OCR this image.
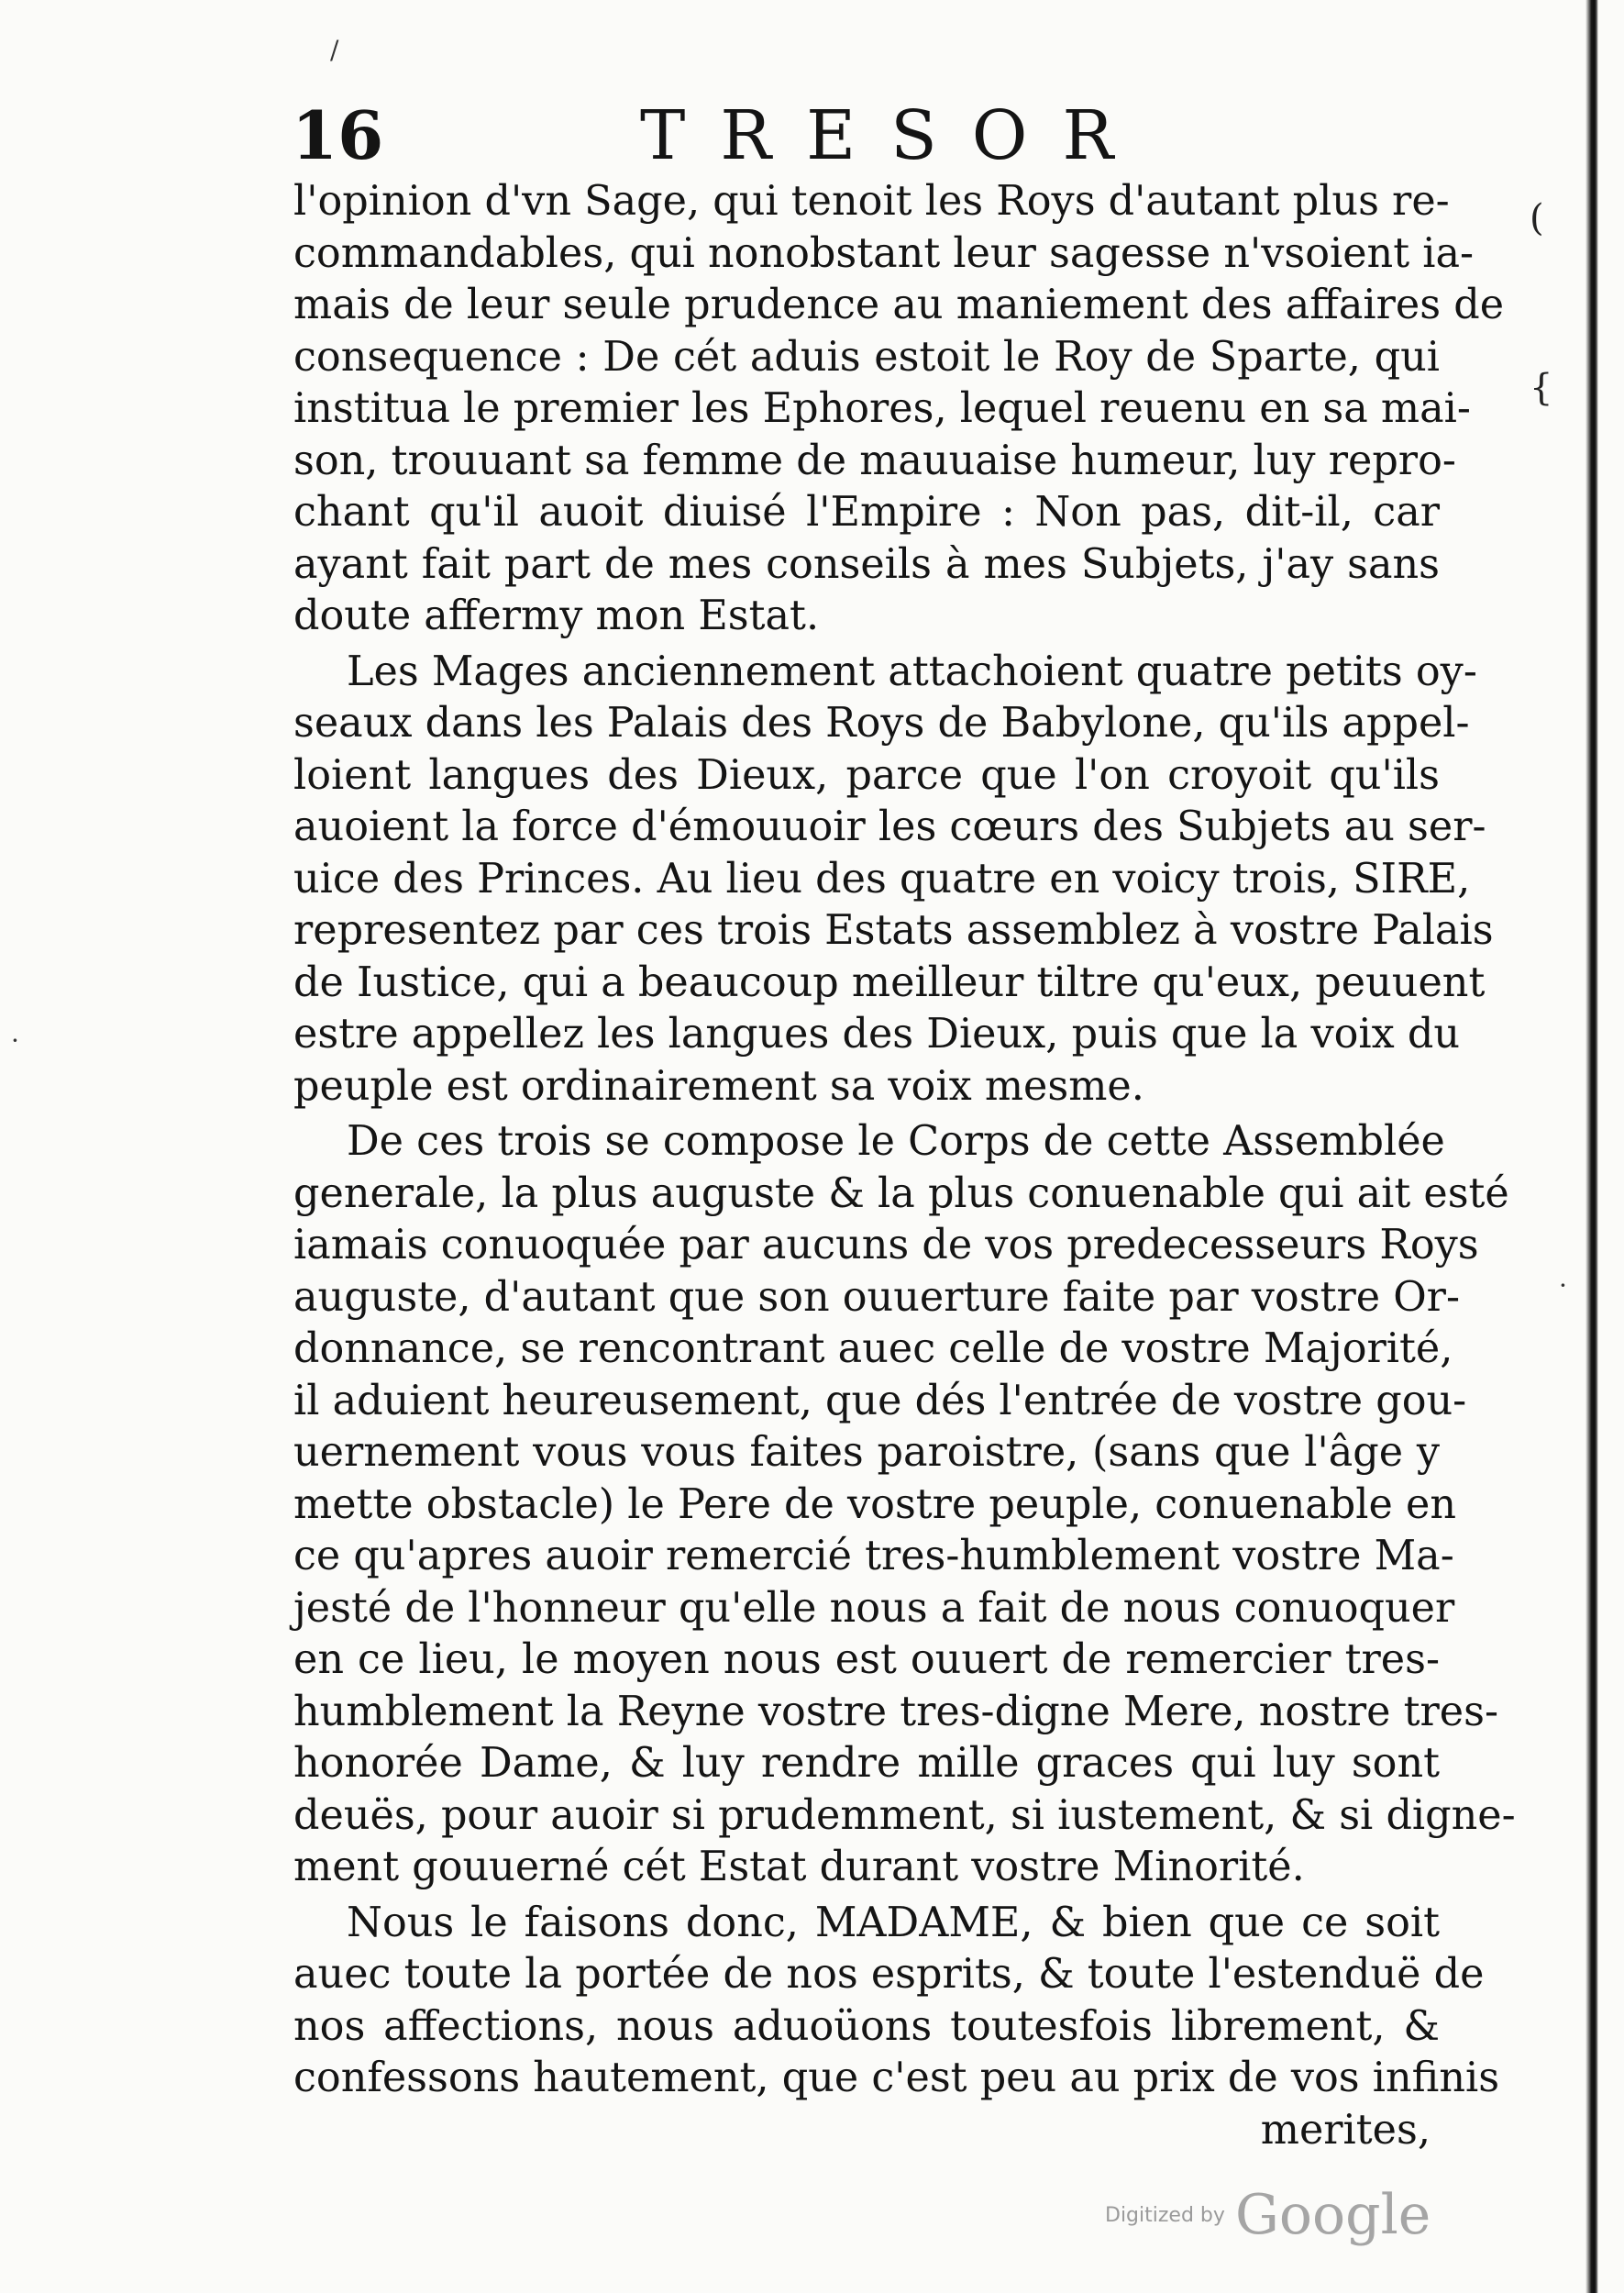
(
{
/
·
·
16	TRESOR
l'opinion d'vn Sage, qui tenoit les Roys d'autant plus re-
commandables, qui nonobstant leur sagesse n'vsoient ia-
mais de leur seule prudence au maniement des affaires de
consequence : De cét aduis estoit le Roy de Sparte, qui
institua le premier les Ephores, lequel reuenu en sa mai-
son, trouuant sa femme de mauuaise humeur, luy repro-
chant qu'il auoit diuisé l'Empire : Non pas, dit-il, car
ayant fait part de mes conseils à mes Subjets, j'ay sans
doute affermy mon Estat.
Les Mages anciennement attachoient quatre petits oy-
seaux dans les Palais des Roys de Babylone, qu'ils appel-
loient langues des Dieux, parce que l'on croyoit qu'ils
auoient la force d'émouuoir les cœurs des Subjets au ser-
uice des Princes. Au lieu des quatre en voicy trois, SIRE,
representez par ces trois Estats assemblez à vostre Palais
de Iustice, qui a beaucoup meilleur tiltre qu'eux, peuuent
estre appellez les langues des Dieux, puis que la voix du
peuple est ordinairement sa voix mesme.
De ces trois se compose le Corps de cette Assemblée
generale, la plus auguste & la plus conuenable qui ait esté
iamais conuoquée par aucuns de vos predecesseurs Roys
auguste, d'autant que son ouuerture faite par vostre Or-
donnance, se rencontrant auec celle de vostre Majorité,
il aduient heureusement, que dés l'entrée de vostre gou-
uernement vous vous faites paroistre, (sans que l'âge y
mette obstacle) le Pere de vostre peuple, conuenable en
ce qu'apres auoir remercié tres-humblement vostre Ma-
jesté de l'honneur qu'elle nous a fait de nous conuoquer
en ce lieu, le moyen nous est ouuert de remercier tres-
humblement la Reyne vostre tres-digne Mere, nostre tres-
honorée Dame, & luy rendre mille graces qui luy sont
deuës, pour auoir si prudemment, si iustement, & si digne-
ment gouuerné cét Estat durant vostre Minorité.
Nous le faisons donc, MADAME, & bien que ce soit
auec toute la portée de nos esprits, & toute l'estenduë de
nos affections, nous aduoüons toutesfois librement, &
confessons hautement, que c'est peu au prix de vos infinis
merites,
Digitized by Google
